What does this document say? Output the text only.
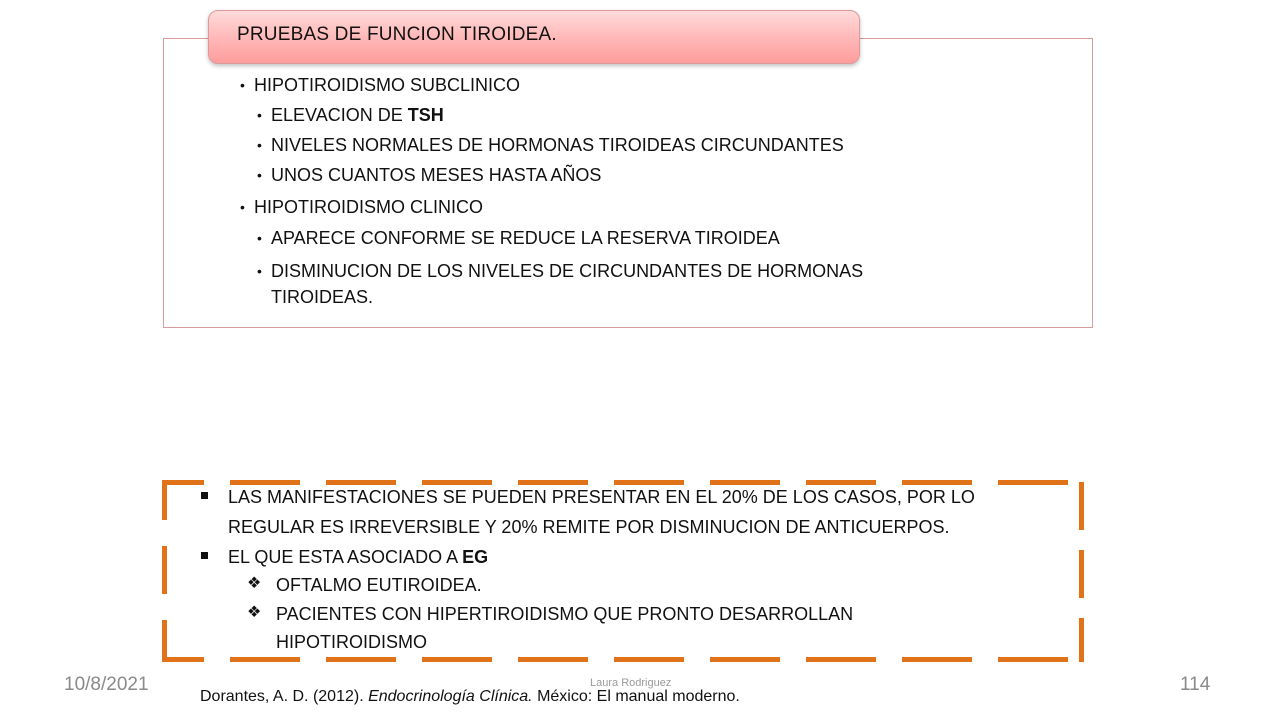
PRUEBAS DE FUNCION TIROIDEA.
• HIPOTIROIDISMO SUBCLINICO
• ELEVACION DE TSH
• NIVELES NORMALES DE HORMONAS TIROIDEAS CIRCUNDANTES
• UNOS CUANTOS MESES HASTA AÑOS
• HIPOTIROIDISMO CLINICO
• APARECE CONFORME SE REDUCE LA RESERVA TIROIDEA
• DISMINUCION DE LOS NIVELES DE CIRCUNDANTES DE HORMONAS
TIROIDEAS.
LAS MANIFESTACIONES SE PUEDEN PRESENTAR EN EL 20% DE LOS CASOS, POR LO
REGULAR ES IRREVERSIBLE Y 20% REMITE POR DISMINUCION DE ANTICUERPOS.
EL QUE ESTA ASOCIADO A EG
❖ OFTALMO EUTIROIDEA.
❖ PACIENTES CON HIPERTIROIDISMO QUE PRONTO DESARROLLAN
HIPOTIROIDISMO
10/8/2021	Laura Rodriguez	114
Dorantes, A. D. (2012). Endocrinología Clínica. México: El manual moderno.
